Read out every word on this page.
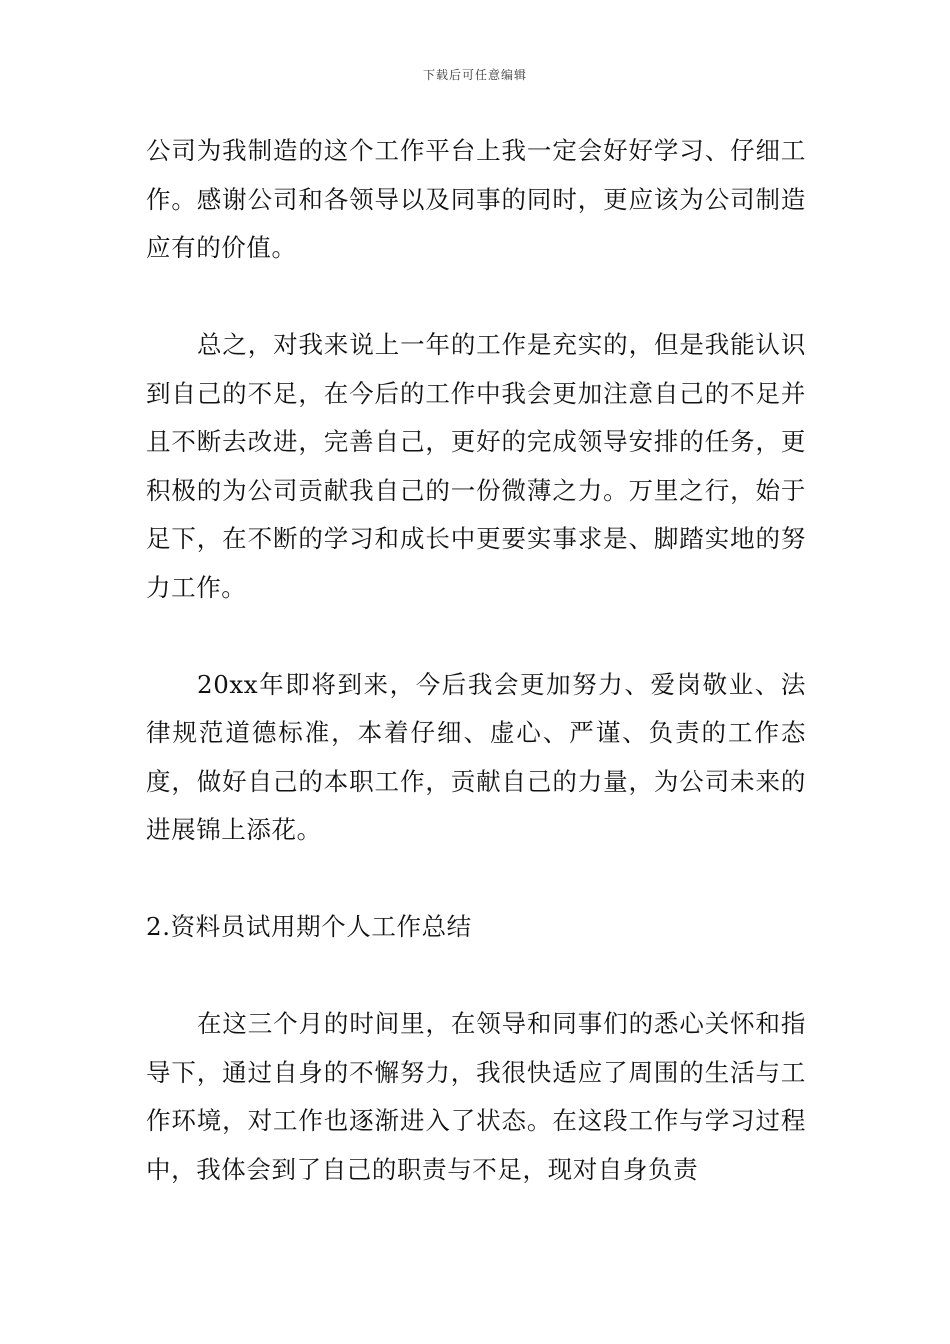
下载后可任意编辑

公司为我制造的这个工作平台上我一定会好好学习、仔细工作。感谢公司和各领导以及同事的同时，更应该为公司制造应有的价值。

总之，对我来说上一年的工作是充实的，但是我能认识到自己的不足，在今后的工作中我会更加注意自己的不足并且不断去改进，完善自己，更好的完成领导安排的任务，更积极的为公司贡献我自己的一份微薄之力。万里之行，始于足下，在不断的学习和成长中更要实事求是、脚踏实地的努力工作。

20xx年即将到来，今后我会更加努力、爱岗敬业、法律规范道德标准，本着仔细、虚心、严谨、负责的工作态度，做好自己的本职工作，贡献自己的力量，为公司未来的进展锦上添花。

2.资料员试用期个人工作总结

在这三个月的时间里，在领导和同事们的悉心关怀和指导下，通过自身的不懈努力，我很快适应了周围的生活与工作环境，对工作也逐渐进入了状态。在这段工作与学习过程中，我体会到了自己的职责与不足，现对自身负责
